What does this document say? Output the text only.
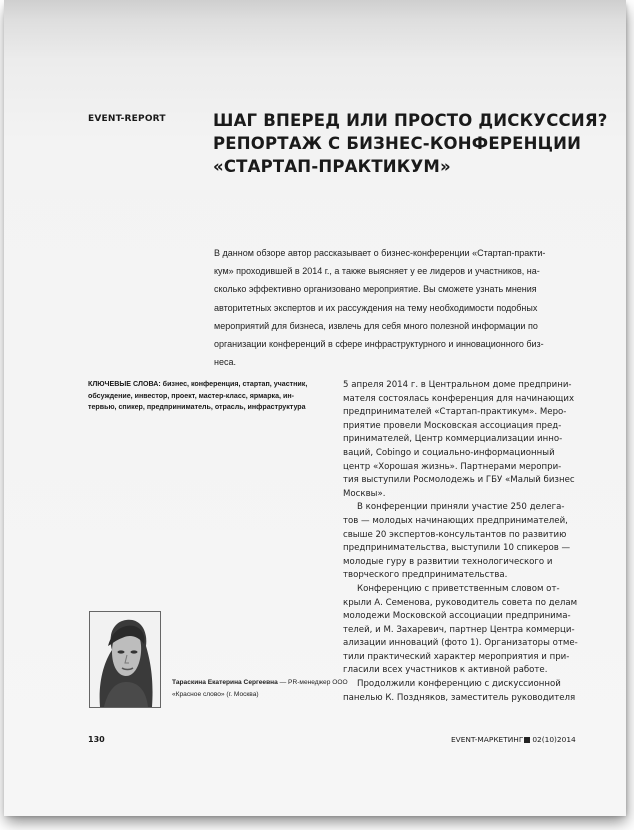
EVENT-REPORT	ШАГ ВПЕРЕД ИЛИ ПРОСТО ДИСКУССИЯ?
РЕПОРТАЖ С БИЗНЕС-КОНФЕРЕНЦИИ
«СТАРТАП-ПРАКТИКУМ»
В данном обзоре автор рассказывает о бизнес-конференции «Стартап-практи-
кум» проходившей в 2014 г., а также выясняет у ее лидеров и участников, на-
сколько эффективно организовано мероприятие. Вы сможете узнать мнения
авторитетных экспертов и их рассуждения на тему необходимости подобных
мероприятий для бизнеса, извлечь для себя много полезной информации по
организации конференций в сфере инфраструктурного и инновационного биз-
неса.
КЛЮЧЕВЫЕ СЛОВА: бизнес, конференция, стартап, участник,
обсуждение, инвестор, проект, мастер-класс, ярмарка, ин-
тервью, спикер, предприниматель, отрасль, инфраструктура
5 апреля 2014 г. в Центральном доме предприни-
мателя состоялась конференция для начинающих
предпринимателей «Стартап-практикум». Меро-
приятие провели Московская ассоциация пред-
принимателей, Центр коммерциализации инно-
ваций, Cobingo и социально-информационный
центр «Хорошая жизнь». Партнерами меропри-
тия выступили Росмолодежь и ГБУ «Малый бизнес
Москвы».
В конференции приняли участие 250 делега-
тов — молодых начинающих предпринимателей,
свыше 20 экспертов-консультантов по развитию
предпринимательства, выступили 10 спикеров —
молодые гуру в развитии технологического и
творческого предпринимательства.
Конференцию с приветственным словом от-
крыли А. Семенова, руководитель совета по делам
молодежи Московской ассоциации предпринима-
телей, и М. Захаревич, партнер Центра коммерци-
ализации инноваций (фото 1). Организаторы отме-
тили практический характер мероприятия и при-
гласили всех участников к активной работе.
Продолжили конференцию с дискуссионной
панелью К. Поздняков, заместитель руководителя
Тараскина Екатерина Сергеевна — PR-менеджер ООО
«Красное слово» (г. Москва)
130	EVENT-МАРКЕТИНГ 02(10)2014
